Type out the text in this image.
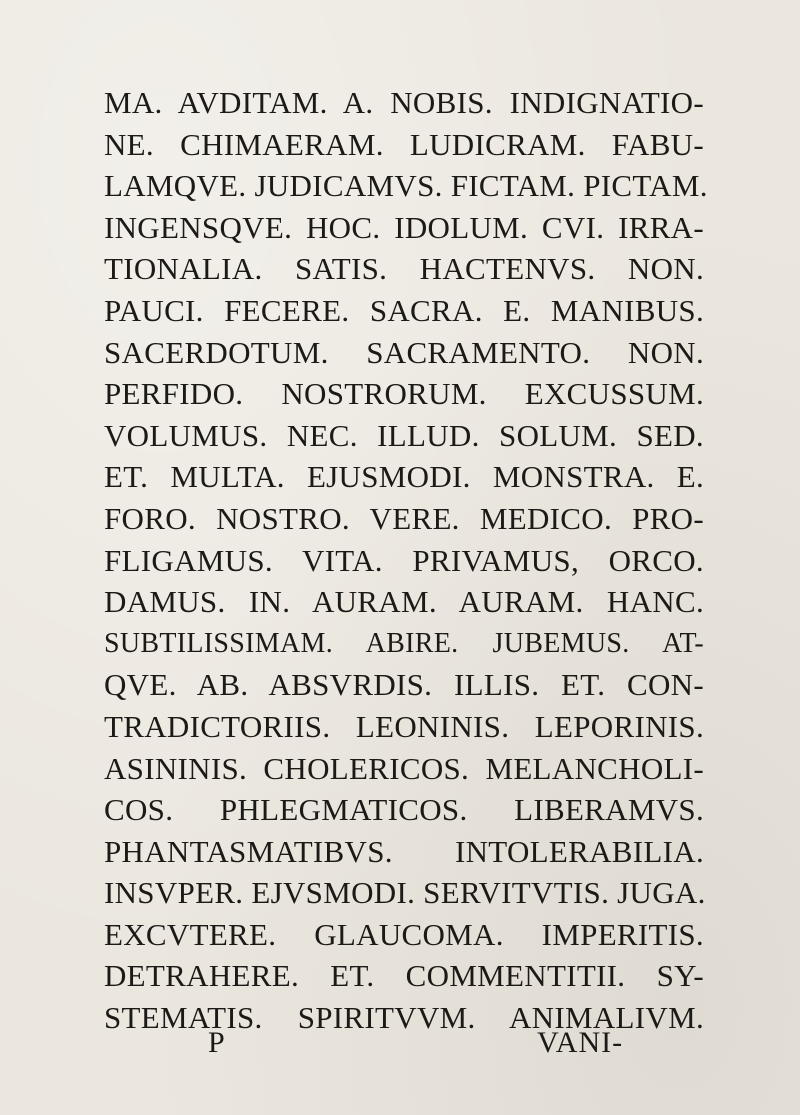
MA. AVDITAM. A. NOBIS. INDIGNATIO-
NE. CHIMAERAM. LUDICRAM. FABU-
LAMQVE. JUDICAMVS. FICTAM. PICTAM.
INGENSQVE. HOC. IDOLUM. CVI. IRRA-
TIONALIA. SATIS. HACTENVS. NON.
PAUCI. FECERE. SACRA. E. MANIBUS.
SACERDOTUM. SACRAMENTO. NON.
PERFIDO. NOSTRORUM. EXCUSSUM.
VOLUMUS. NEC. ILLUD. SOLUM. SED.
ET. MULTA. EJUSMODI. MONSTRA. E.
FORO. NOSTRO. VERE. MEDICO. PRO-
FLIGAMUS. VITA. PRIVAMUS, ORCO.
DAMUS. IN. AURAM. AURAM. HANC.
SUBTILISSIMAM. ABIRE. JUBEMUS. AT-
QVE. AB. ABSVRDIS. ILLIS. ET. CON-
TRADICTORIIS. LEONINIS. LEPORINIS.
ASININIS. CHOLERICOS. MELANCHOLI-
COS. PHLEGMATICOS. LIBERAMVS.
PHANTASMATIBVS. INTOLERABILIA.
INSVPER. EJVSMODI. SERVITVTIS. JUGA.
EXCVTERE. GLAUCOMA. IMPERITIS.
DETRAHERE. ET. COMMENTITII. SY-
STEMATIS. SPIRITVVM. ANIMALIVM.
P	VANI-
